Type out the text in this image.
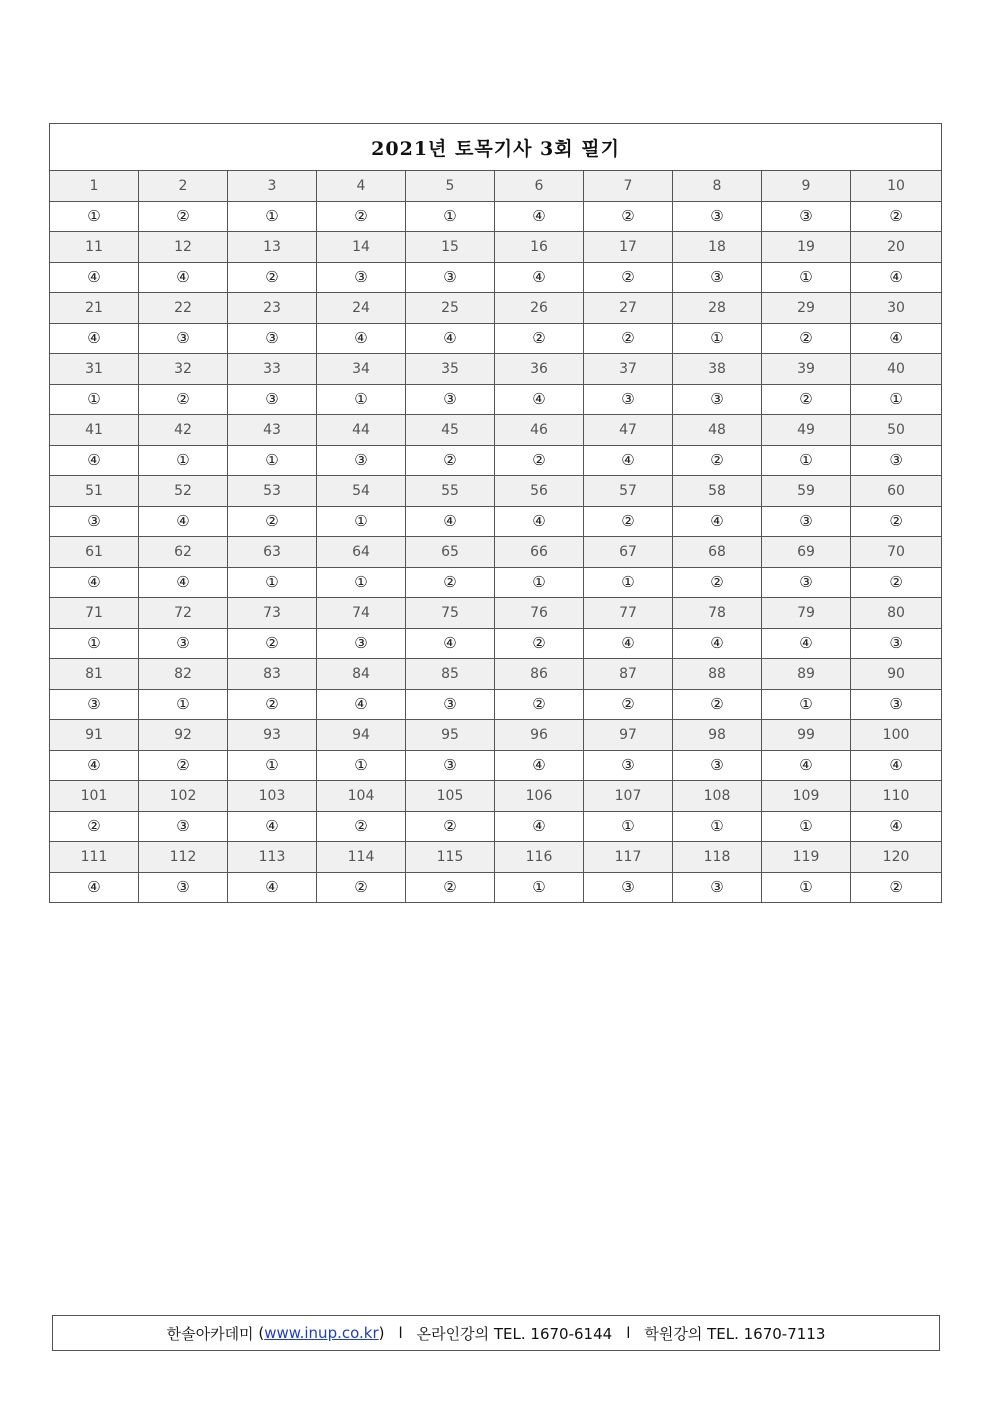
2021년 토목기사 3회 필기									
1	2	3	4	5	6	7	8	9	10
①	②	①	②	①	④	②	③	③	②
11	12	13	14	15	16	17	18	19	20
④	④	②	③	③	④	②	③	①	④
21	22	23	24	25	26	27	28	29	30
④	③	③	④	④	②	②	①	②	④
31	32	33	34	35	36	37	38	39	40
①	②	③	①	③	④	③	③	②	①
41	42	43	44	45	46	47	48	49	50
④	①	①	③	②	②	④	②	①	③
51	52	53	54	55	56	57	58	59	60
③	④	②	①	④	④	②	④	③	②
61	62	63	64	65	66	67	68	69	70
④	④	①	①	②	①	①	②	③	②
71	72	73	74	75	76	77	78	79	80
①	③	②	③	④	②	④	④	④	③
81	82	83	84	85	86	87	88	89	90
③	①	②	④	③	②	②	②	①	③
91	92	93	94	95	96	97	98	99	100
④	②	①	①	③	④	③	③	④	④
101	102	103	104	105	106	107	108	109	110
②	③	④	②	②	④	①	①	①	④
111	112	113	114	115	116	117	118	119	120
④	③	④	②	②	①	③	③	①	②
한솔아카데미 ( www.inup.co.kr ) l 온라인강의 TEL. 1670-6144 l 학원강의 TEL. 1670-7113
